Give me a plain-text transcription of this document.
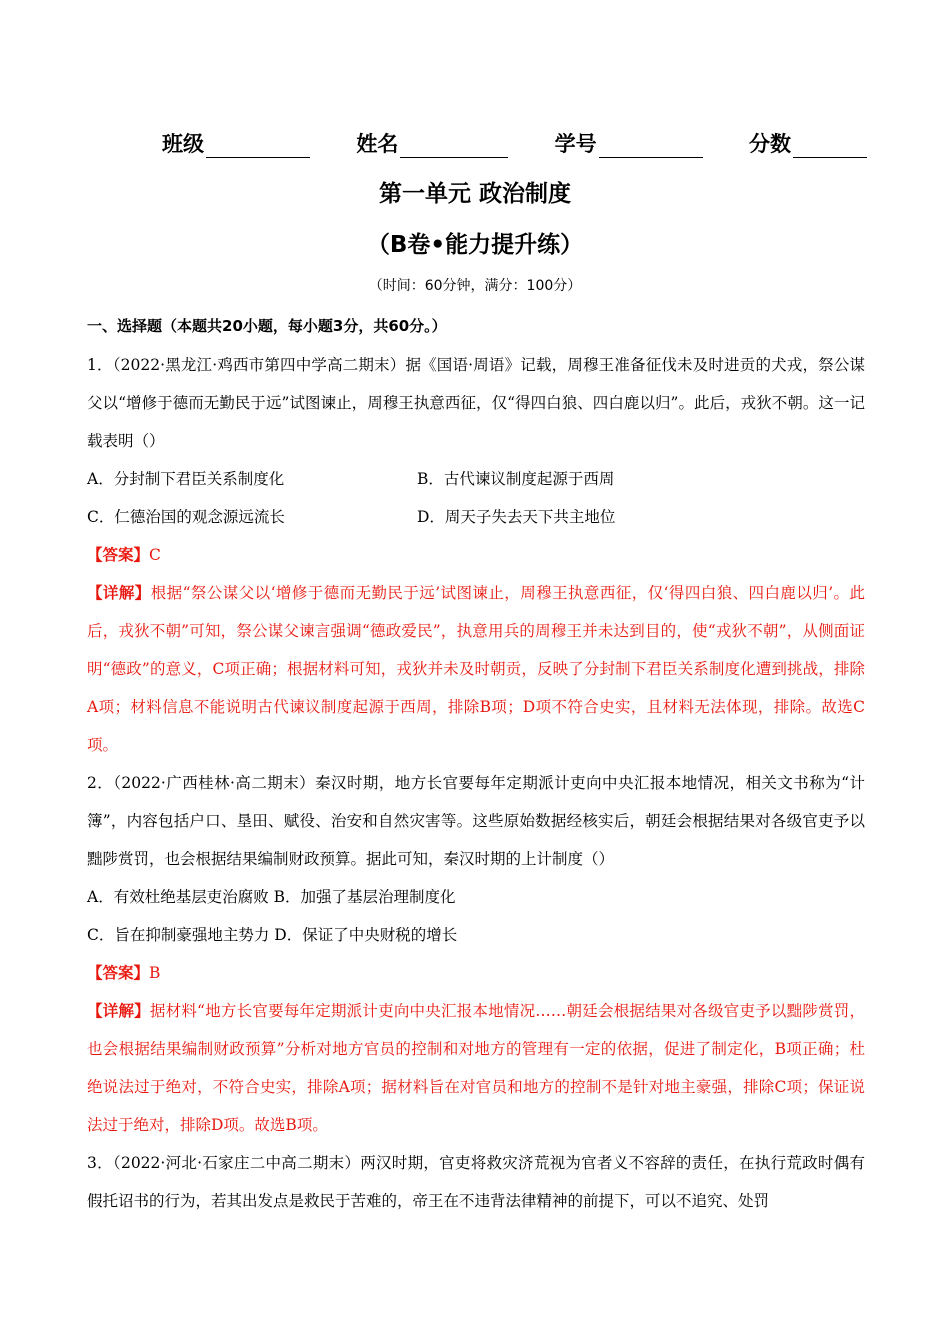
班级	姓名	学号	分数
第一单元 政治制度
（B卷•能力提升练）
（时间：60分钟，满分：100分）
一、选择题（本题共20小题，每小题3分，共60分。）

1．（2022·黑龙江·鸡西市第四中学高二期末）据《国语·周语》记载，周穆王准备征伐未及时进贡的犬戎，祭公谋父以“增修于德而无勤民于远”试图谏止，周穆王执意西征，仅“得四白狼、四白鹿以归”。此后，戎狄不朝。这一记载表明（）

A．分封制下君臣关系制度化	B．古代谏议制度起源于西周
C．仁德治国的观念源远流长	D．周天子失去天下共主地位

【答案】C

【详解】根据“祭公谋父以‘增修于德而无勤民于远’试图谏止，周穆王执意西征，仅‘得四白狼、四白鹿以归’。此后，戎狄不朝”可知，祭公谋父谏言强调“德政爱民”，执意用兵的周穆王并未达到目的，使“戎狄不朝”，从侧面证明“德政”的意义，C项正确；根据材料可知，戎狄并未及时朝贡，反映了分封制下君臣关系制度化遭到挑战，排除A项；材料信息不能说明古代谏议制度起源于西周，排除B项；D项不符合史实，且材料无法体现，排除。故选C项。

2．（2022·广西桂林·高二期末）秦汉时期，地方长官要每年定期派计吏向中央汇报本地情况，相关文书称为“计簿”，内容包括户口、垦田、赋役、治安和自然灾害等。这些原始数据经核实后，朝廷会根据结果对各级官吏予以黜陟赏罚，也会根据结果编制财政预算。据此可知，秦汉时期的上计制度（）

A．有效杜绝基层吏治腐败 B．加强了基层治理制度化

C．旨在抑制豪强地主势力 D．保证了中央财税的增长

【答案】B

【详解】据材料“地方长官要每年定期派计吏向中央汇报本地情况……朝廷会根据结果对各级官吏予以黜陟赏罚，也会根据结果编制财政预算”分析对地方官员的控制和对地方的管理有一定的依据，促进了制定化，B项正确；杜绝说法过于绝对，不符合史实，排除A项；据材料旨在对官员和地方的控制不是针对地主豪强，排除C项；保证说法过于绝对，排除D项。故选B项。

3．（2022·河北·石家庄二中高二期末）两汉时期，官吏将救灾济荒视为官者义不容辞的责任，在执行荒政时偶有假托诏书的行为，若其出发点是救民于苦难的，帝王在不违背法律精神的前提下，可以不追究、处罚
